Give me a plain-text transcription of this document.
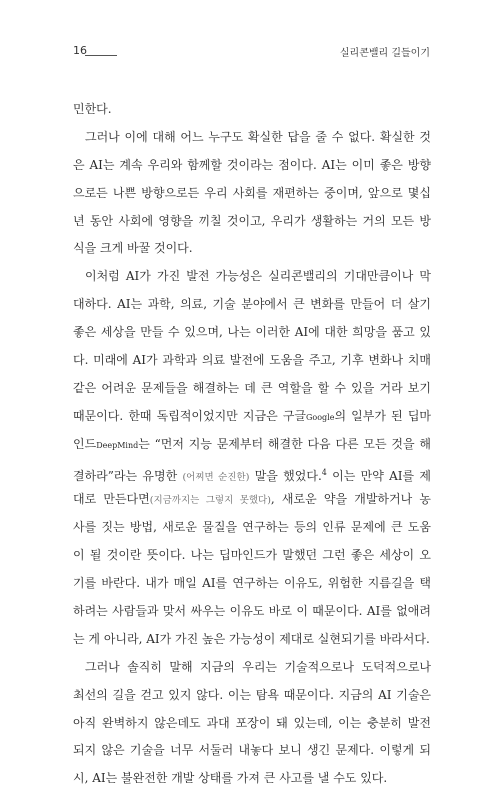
16	실리콘밸리 길들이기
민한다.
그러나 이에 대해 어느 누구도 확실한 답을 줄 수 없다. 확실한 것
은 AI는 계속 우리와 함께할 것이라는 점이다. AI는 이미 좋은 방향
으로든 나쁜 방향으로든 우리 사회를 재편하는 중이며, 앞으로 몇십
년 동안 사회에 영향을 끼칠 것이고, 우리가 생활하는 거의 모든 방
식을 크게 바꿀 것이다.
이처럼 AI가 가진 발전 가능성은 실리콘밸리의 기대만큼이나 막
대하다. AI는 과학, 의료, 기술 분야에서 큰 변화를 만들어 더 살기
좋은 세상을 만들 수 있으며, 나는 이러한 AI에 대한 희망을 품고 있
다. 미래에 AI가 과학과 의료 발전에 도움을 주고, 기후 변화나 치매
같은 어려운 문제들을 해결하는 데 큰 역할을 할 수 있을 거라 보기
때문이다. 한때 독립적이었지만 지금은 구글Google의 일부가 된 딥마
인드DeepMind는 “먼저 지능 문제부터 해결한 다음 다른 모든 것을 해
결하라”라는 유명한 (어찌면 순진한) 말을 했었다.$^4$ 이는 만약 AI를 제
대로 만든다면(지금까지는 그렇지 못했다), 새로운 약을 개발하거나 농
사를 짓는 방법, 새로운 물질을 연구하는 등의 인류 문제에 큰 도움
이 될 것이란 뜻이다. 나는 딥마인드가 말했던 그런 좋은 세상이 오
기를 바란다. 내가 매일 AI를 연구하는 이유도, 위험한 지름길을 택
하려는 사람들과 맞서 싸우는 이유도 바로 이 때문이다. AI를 없애려
는 게 아니라, AI가 가진 높은 가능성이 제대로 실현되기를 바라서다.
그러나 솔직히 말해 지금의 우리는 기술적으로나 도덕적으로나
최선의 길을 걷고 있지 않다. 이는 탐욕 때문이다. 지금의 AI 기술은
아직 완벽하지 않은데도 과대 포장이 돼 있는데, 이는 충분히 발전
되지 않은 기술을 너무 서둘러 내놓다 보니 생긴 문제다. 이렇게 되
시, AI는 불완전한 개발 상태를 가져 큰 사고를 낼 수도 있다.
